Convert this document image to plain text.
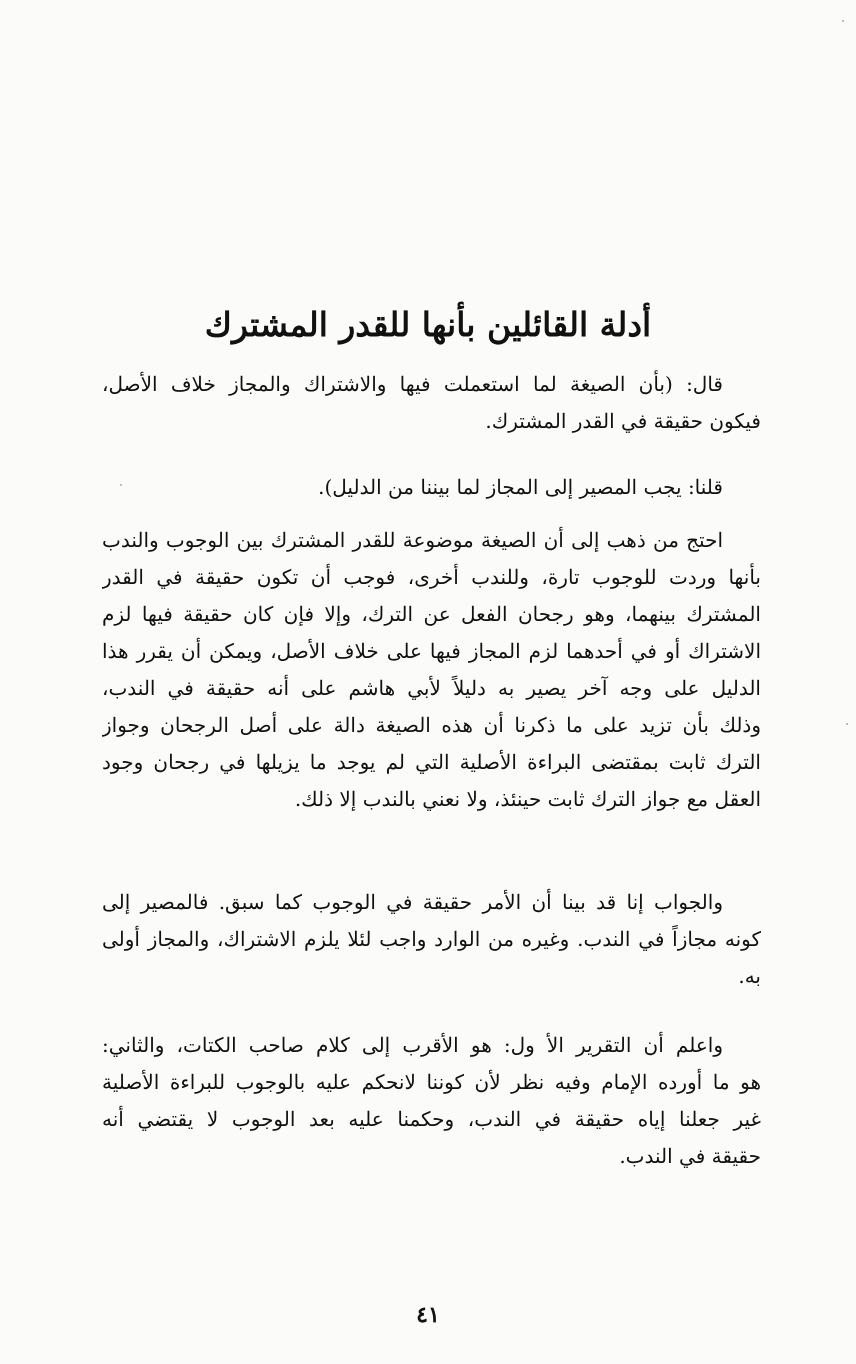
أدلة القائلين بأنها للقدر المشترك
قال: (بأن الصيغة لما استعملت فيها والاشتراك والمجاز خلاف الأصل،
فيكون حقيقة في القدر المشترك.
قلنا: يجب المصير إلى المجاز لما بيننا من الدليل).
احتج من ذهب إلى أن الصيغة موضوعة للقدر المشترك بين الوجوب والندب
بأنها وردت للوجوب تارة، وللندب أخرى، فوجب أن تكون حقيقة في القدر
المشترك بينهما، وهو رجحان الفعل عن الترك، وإلا فإن كان حقيقة فيها لزم
الاشتراك أو في أحدهما لزم المجاز فيها على خلاف الأصل، ويمكن أن يقرر هذا
الدليل على وجه آخر يصير به دليلاً لأبي هاشم على أنه حقيقة في الندب،
وذلك بأن تزيد على ما ذكرنا أن هذه الصيغة دالة على أصل الرجحان وجواز
الترك ثابت بمقتضى البراءة الأصلية التي لم يوجد ما يزيلها في رجحان وجود
العقل مع جواز الترك ثابت حينئذ، ولا نعني بالندب إلا ذلك.
والجواب إنا قد بينا أن الأمر حقيقة في الوجوب كما سبق. فالمصير إلى
كونه مجازاً في الندب. وغيره من الوارد واجب لئلا يلزم الاشتراك، والمجاز أولى
به.
واعلم أن التقرير الأ ول: هو الأقرب إلى كلام صاحب الكتات، والثاني:
هو ما أورده الإمام وفيه نظر لأن كوننا لانحكم عليه بالوجوب للبراءة الأصلية
غير جعلنا إياه حقيقة في الندب، وحكمنا عليه بعد الوجوب لا يقتضي أنه
حقيقة في الندب.
٤١
